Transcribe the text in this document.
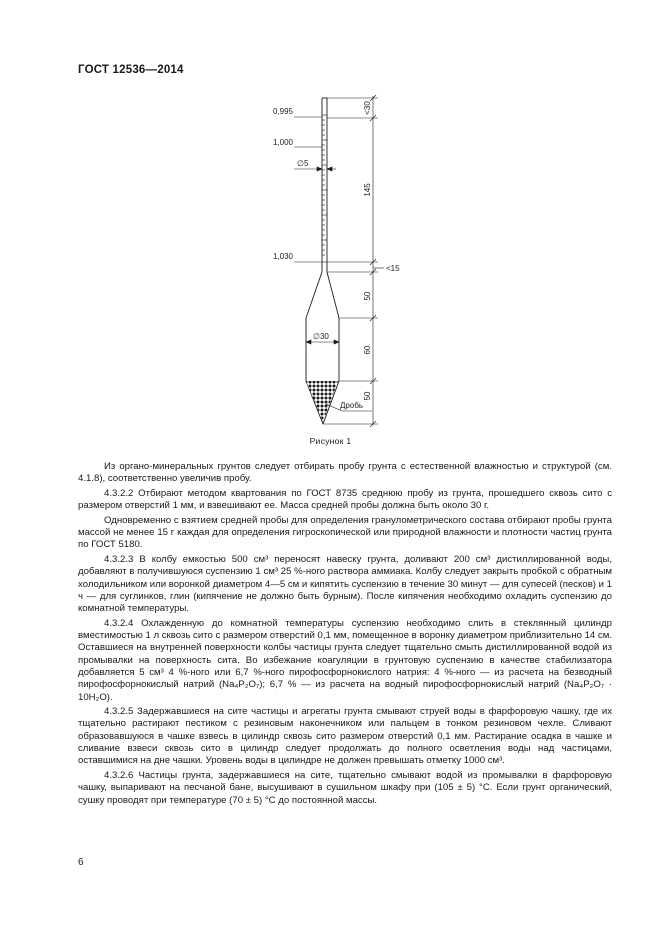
ГОСТ 12536—2014
0,995
1,000
1,030
∅5
∅30
<30
145
<15
50
60
50
Дробь
Рисунок 1

Из органо-минеральных грунтов следует отбирать пробу грунта с естественной влажностью и структурой (см. 4.1.8), соответственно увеличив пробу.

4.3.2.2 Отбирают методом квартования по ГОСТ 8735 среднюю пробу из грунта, прошедшего сквозь сито с размером отверстий 1 мм, и взвешивают ее. Масса средней пробы должна быть около 30 г.

Одновременно с взятием средней пробы для определения гранулометрического состава отбирают пробы грунта массой не менее 15 г каждая для определения гигроскопической или природной влажности и плотности частиц грунта по ГОСТ 5180.

4.3.2.3 В колбу емкостью 500 см³ переносят навеску грунта, доливают 200 см³ дистиллированной воды, добавляют в получившуюся суспензию 1 см³ 25 %-ного раствора аммиака. Колбу следует закрыть пробкой с обратным холодильником или воронкой диаметром 4—5 см и кипятить суспензию в течение 30 минут — для супесей (песков) и 1 ч — для суглинков, глин (кипячение не должно быть бурным). После кипячения необходимо охладить суспензию до комнатной температуры.

4.3.2.4 Охлажденную до комнатной температуры суспензию необходимо слить в стеклянный цилиндр вместимостью 1 л сквозь сито с размером отверстий 0,1 мм, помещенное в воронку диаметром приблизительно 14 см. Оставшиеся на внутренней поверхности колбы частицы грунта следует тщательно смыть дистиллированной водой из промывалки на поверхность сита. Во избежание коагуляции в грунтовую суспензию в качестве стабилизатора добавляется 5 см³ 4 %-ного или 6,7 %-ного пирофосфорнокислого натрия: 4 %-ного — из расчета на безводный пирофосфорнокислый натрий (Na₄P₂O₇); 6,7 % — из расчета на водный пирофосфорнокислый натрий (Na₄P₂O₇ · 10H₂O).

4.3.2.5 Задержавшиеся на сите частицы и агрегаты грунта смывают струей воды в фарфоровую чашку, где их тщательно растирают пестиком с резиновым наконечником или пальцем в тонком резиновом чехле. Сливают образовавшуюся в чашке взвесь в цилиндр сквозь сито размером отверстий 0,1 мм. Растирание осадка в чашке и сливание взвеси сквозь сито в цилиндр следует продолжать до полного осветления воды над частицами, оставшимися на дне чашки. Уровень воды в цилиндре не должен превышать отметку 1000 см³.

4.3.2.6 Частицы грунта, задержавшиеся на сите, тщательно смывают водой из промывалки в фарфоровую чашку, выпаривают на песчаной бане, высушивают в сушильном шкафу при (105 ± 5) °С. Если грунт органический, сушку проводят при температуре (70 ± 5) °С до постоянной массы.

6
